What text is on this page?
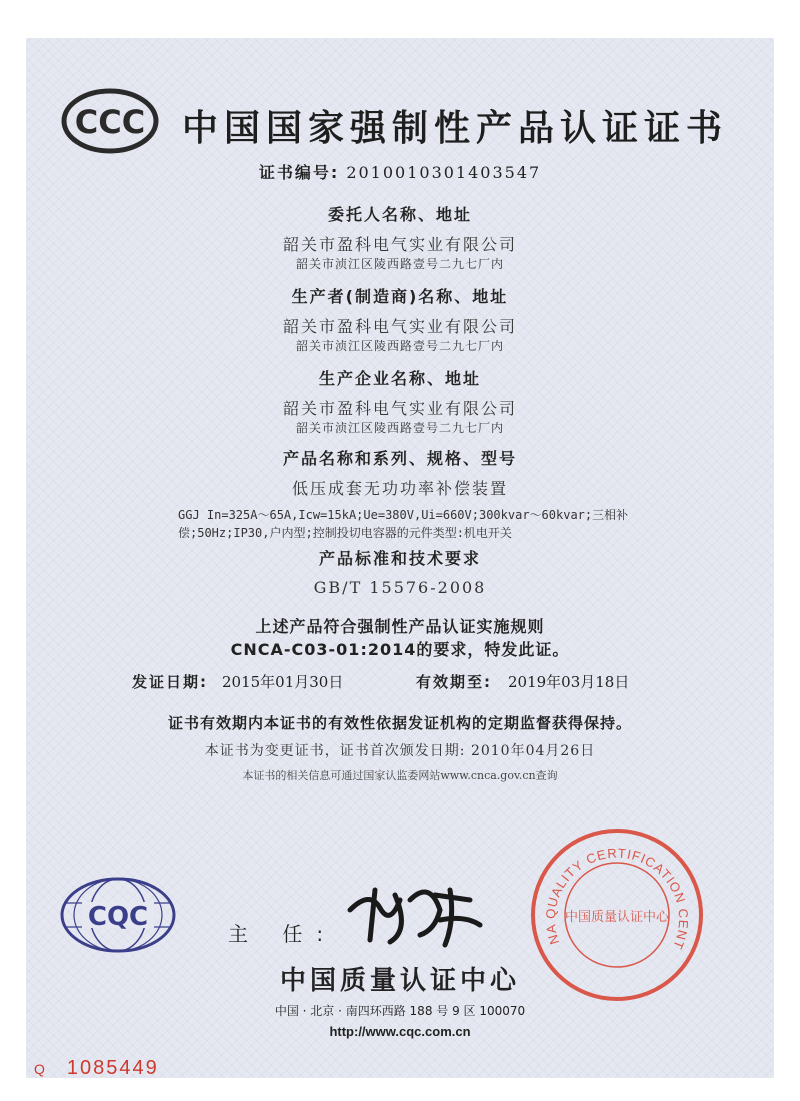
CCC	中国国家强制性产品认证证书
证书编号: 2010010301403547
委托人名称、地址
韶关市盈科电气实业有限公司
韶关市浈江区陵西路壹号二九七厂内
生产者(制造商)名称、地址
韶关市盈科电气实业有限公司
韶关市浈江区陵西路壹号二九七厂内
生产企业名称、地址
韶关市盈科电气实业有限公司
韶关市浈江区陵西路壹号二九七厂内
产品名称和系列、规格、型号
低压成套无功功率补偿装置
GGJ In=325A～65A,Icw=15kA;Ue=380V,Ui=660V;300kvar～60kvar;三相补
偿;50Hz;IP30,户内型;控制投切电容器的元件类型:机电开关
产品标准和技术要求
GB/T 15576-2008
上述产品符合强制性产品认证实施规则
CNCA-C03-01:2014的要求，特发此证。
发证日期: 2015年01月30日	有效期至: 2019年03月18日
证书有效期内本证书的有效性依据发证机构的定期监督获得保持。
本证书为变更证书，证书首次颁发日期: 2010年04月26日
本证书的相关信息可通过国家认监委网站www.cnca.gov.cn查询
CQC
主 任:
中国质量认证中心
中国 · 北京 · 南四环西路 188 号 9 区 100070
http://www.cqc.com.cn
NA QUALITY CERTIFICATION CENT
中国质量认证中心
Q 1085449
